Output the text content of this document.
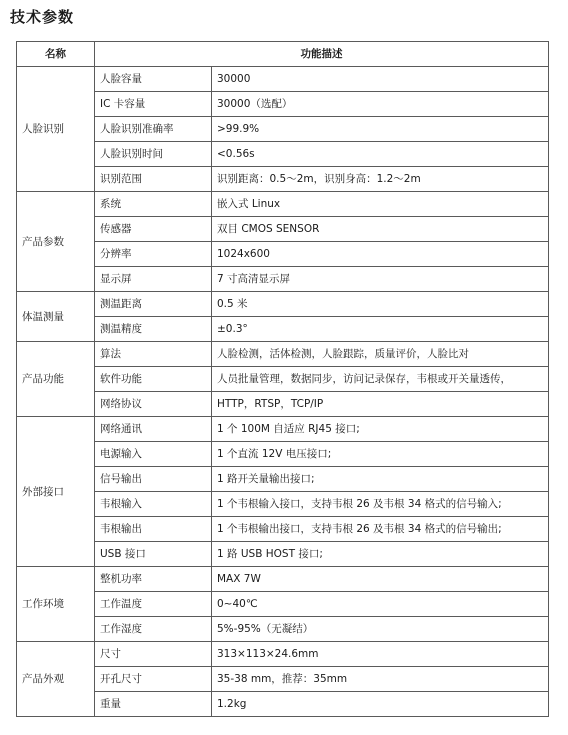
技术参数
名称	功能描述	
人脸识别	人脸容量	30000
	IC 卡容量	30000（选配）
	人脸识别准确率	>99.9%
	人脸识别时间	<0.56s
	识别范围	识别距离：0.5～2m，识别身高：1.2～2m
产品参数	系统	嵌入式 Linux
	传感器	双目 CMOS SENSOR
	分辨率	1024x600
	显示屏	7 寸高清显示屏
体温测量	测温距离	0.5 米
	测温精度	±0.3°
产品功能	算法	人脸检测，活体检测，人脸跟踪，质量评价，人脸比对
	软件功能	人员批量管理，数据同步，访问记录保存，韦根或开关量透传，
	网络协议	HTTP，RTSP，TCP/IP
外部接口	网络通讯	1 个 100M 自适应 RJ45 接口;
	电源输入	1 个直流 12V 电压接口;
	信号输出	1 路开关量输出接口;
	韦根输入	1 个韦根输入接口，支持韦根 26 及韦根 34 格式的信号输入;
	韦根输出	1 个韦根输出接口，支持韦根 26 及韦根 34 格式的信号输出;
	USB 接口	1 路 USB HOST 接口;
工作环境	整机功率	MAX 7W
	工作温度	0~40℃
	工作湿度	5%-95%（无凝结）
产品外观	尺寸	313×113×24.6mm
	开孔尺寸	35-38 mm，推荐：35mm
	重量	1.2kg
